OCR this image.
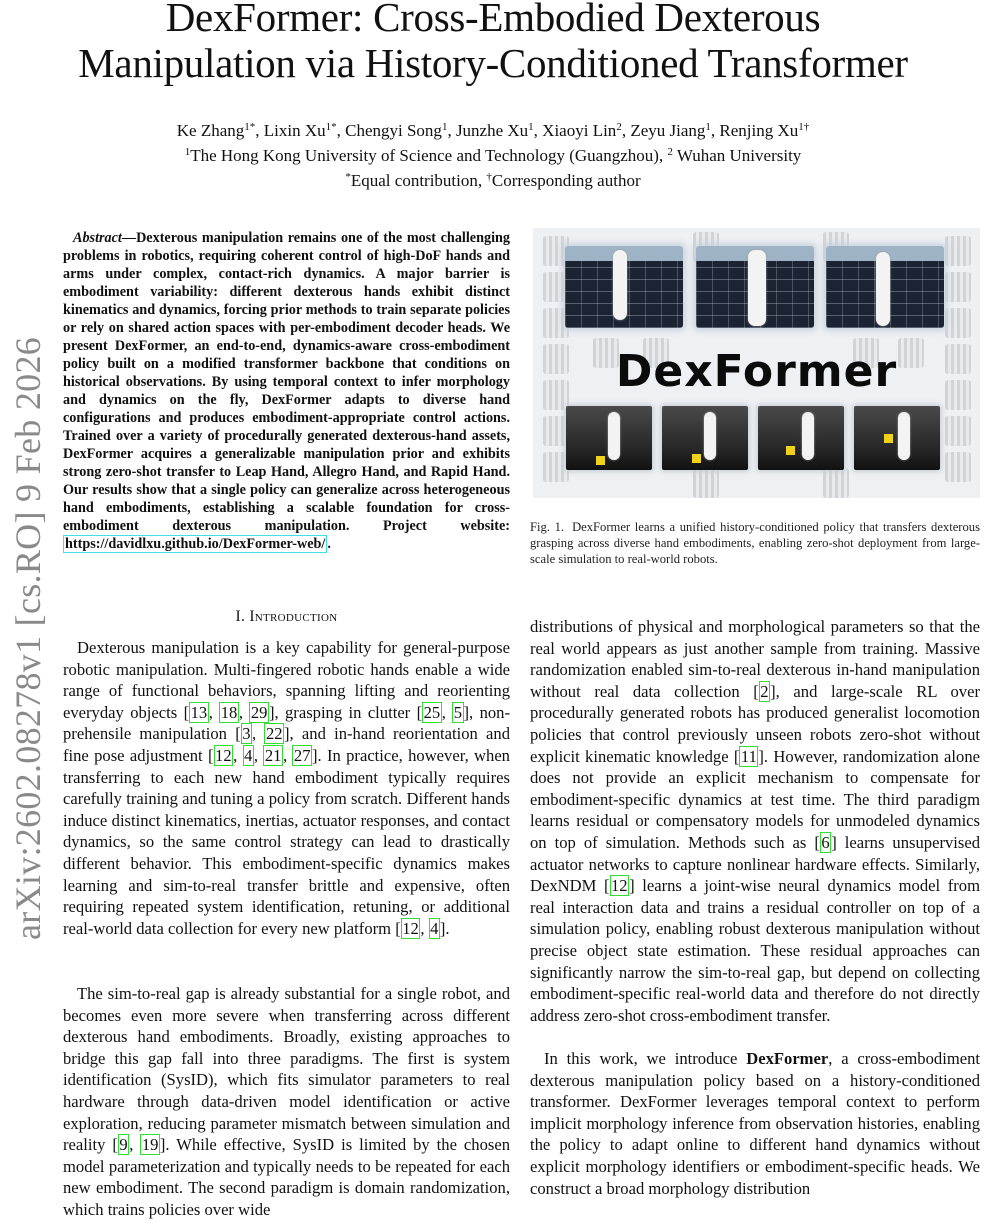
DexFormer: Cross-Embodied Dexterous
Manipulation via History-Conditioned Transformer
Ke Zhang$^{1*}$, Lixin $Xu^{1*}$, Chengyi Song$^1$, Junzhe Xu$^1$, Xiaoyi Lin$^2$, Zeyu Jiang$^1$, Renjing $Xu^{1\dagger}$
$^1$The Hong Kong University of Science and Technology (Guangzhou), $^2$ Wuhan University
*Equal contribution, †Corresponding author
arXiv:2602.08278v1 [cs.RO] 9 Feb 2026

Abstract—Dexterous manipulation remains one of the most challenging problems in robotics, requiring coherent control of high-DoF hands and arms under complex, contact-rich dynamics. A major barrier is embodiment variability: different dexterous hands exhibit distinct kinematics and dynamics, forcing prior methods to train separate policies or rely on shared action spaces with per-embodiment decoder heads. We present DexFormer, an end-to-end, dynamics-aware cross-embodiment policy built on a modified transformer backbone that conditions on historical observations. By using temporal context to infer morphology and dynamics on the fly, DexFormer adapts to diverse hand configurations and produces embodiment-appropriate control actions. Trained over a variety of procedurally generated dexterous-hand assets, DexFormer acquires a generalizable manipulation prior and exhibits strong zero-shot transfer to Leap Hand, Allegro Hand, and Rapid Hand. Our results show that a single policy can generalize across heterogeneous hand embodiments, establishing a scalable foundation for cross-embodiment dexterous manipulation. Project website: https://davidlxu.github.io/DexFormer-web/ .

DexFormer
Fig. 1. DexFormer learns a unified history-conditioned policy that transfers dexterous grasping across diverse hand embodiments, enabling zero-shot deployment from large-scale simulation to real-world robots.
I. Introduction

Dexterous manipulation is a key capability for general-purpose robotic manipulation. Multi-fingered robotic hands enable a wide range of functional behaviors, spanning lifting and reorienting everyday objects [13, 18, 29], grasping in clutter [25, 5], non-prehensile manipulation [3, 22], and in-hand reorientation and fine pose adjustment [12, 4, 21, 27]. In practice, however, when transferring to each new hand embodiment typically requires carefully training and tuning a policy from scratch. Different hands induce distinct kinematics, inertias, actuator responses, and contact dynamics, so the same control strategy can lead to drastically different behavior. This embodiment-specific dynamics makes learning and sim-to-real transfer brittle and expensive, often requiring repeated system identification, retuning, or additional real-world data collection for every new platform [12, 4].

The sim-to-real gap is already substantial for a single robot, and becomes even more severe when transferring across different dexterous hand embodiments. Broadly, existing approaches to bridge this gap fall into three paradigms. The first is system identification (SysID), which fits simulator parameters to real hardware through data-driven model identification or active exploration, reducing parameter mismatch between simulation and reality [9, 19]. While effective, SysID is limited by the chosen model parameterization and typically needs to be repeated for each new embodiment. The second paradigm is domain randomization, which trains policies over wide

distributions of physical and morphological parameters so that the real world appears as just another sample from training. Massive randomization enabled sim-to-real dexterous in-hand manipulation without real data collection [2], and large-scale RL over procedurally generated robots has produced generalist locomotion policies that control previously unseen robots zero-shot without explicit kinematic knowledge [11]. However, randomization alone does not provide an explicit mechanism to compensate for embodiment-specific dynamics at test time. The third paradigm learns residual or compensatory models for unmodeled dynamics on top of simulation. Methods such as [6] learns unsupervised actuator networks to capture nonlinear hardware effects. Similarly, DexNDM [12] learns a joint-wise neural dynamics model from real interaction data and trains a residual controller on top of a simulation policy, enabling robust dexterous manipulation without precise object state estimation. These residual approaches can significantly narrow the sim-to-real gap, but depend on collecting embodiment-specific real-world data and therefore do not directly address zero-shot cross-embodiment transfer.

In this work, we introduce DexFormer, a cross-embodiment dexterous manipulation policy based on a history-conditioned transformer. DexFormer leverages temporal context to perform implicit morphology inference from observation histories, enabling the policy to adapt online to different hand dynamics without explicit morphology identifiers or embodiment-specific heads. We construct a broad morphology distribution
